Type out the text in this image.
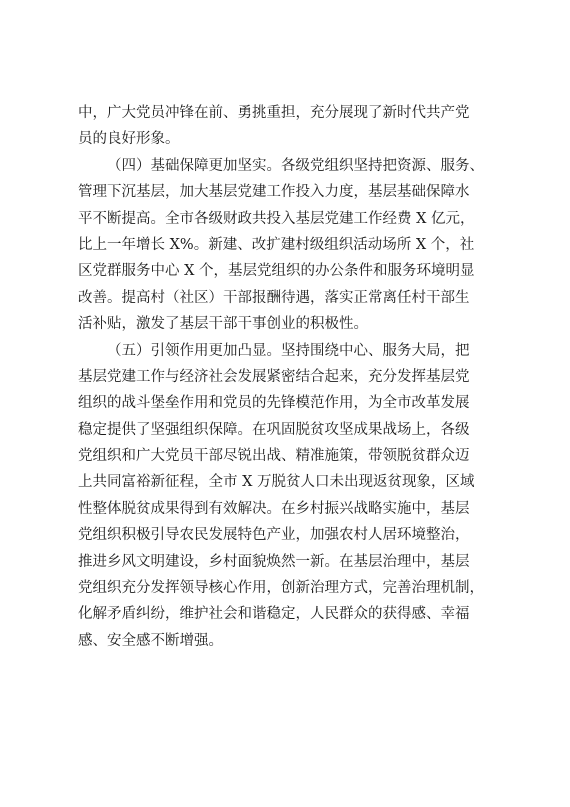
中，广大党员冲锋在前、勇挑重担，充分展现了新时代共产党
员的良好形象。
（四）基础保障更加坚实。各级党组织坚持把资源、服务、
管理下沉基层，加大基层党建工作投入力度，基层基础保障水
平不断提高。全市各级财政共投入基层党建工作经费 X 亿元，
比上一年增长 X%。新建、改扩建村级组织活动场所 X 个，社
区党群服务中心 X 个，基层党组织的办公条件和服务环境明显
改善。提高村（社区）干部报酬待遇，落实正常离任村干部生
活补贴，激发了基层干部干事创业的积极性。
（五）引领作用更加凸显。坚持围绕中心、服务大局，把
基层党建工作与经济社会发展紧密结合起来，充分发挥基层党
组织的战斗堡垒作用和党员的先锋模范作用，为全市改革发展
稳定提供了坚强组织保障。在巩固脱贫攻坚成果战场上，各级
党组织和广大党员干部尽锐出战、精准施策，带领脱贫群众迈
上共同富裕新征程，全市 X 万脱贫人口未出现返贫现象，区域
性整体脱贫成果得到有效解决。在乡村振兴战略实施中，基层
党组织积极引导农民发展特色产业，加强农村人居环境整治，
推进乡风文明建设，乡村面貌焕然一新。在基层治理中，基层
党组织充分发挥领导核心作用，创新治理方式，完善治理机制，
化解矛盾纠纷，维护社会和谐稳定，人民群众的获得感、幸福
感、安全感不断增强。
